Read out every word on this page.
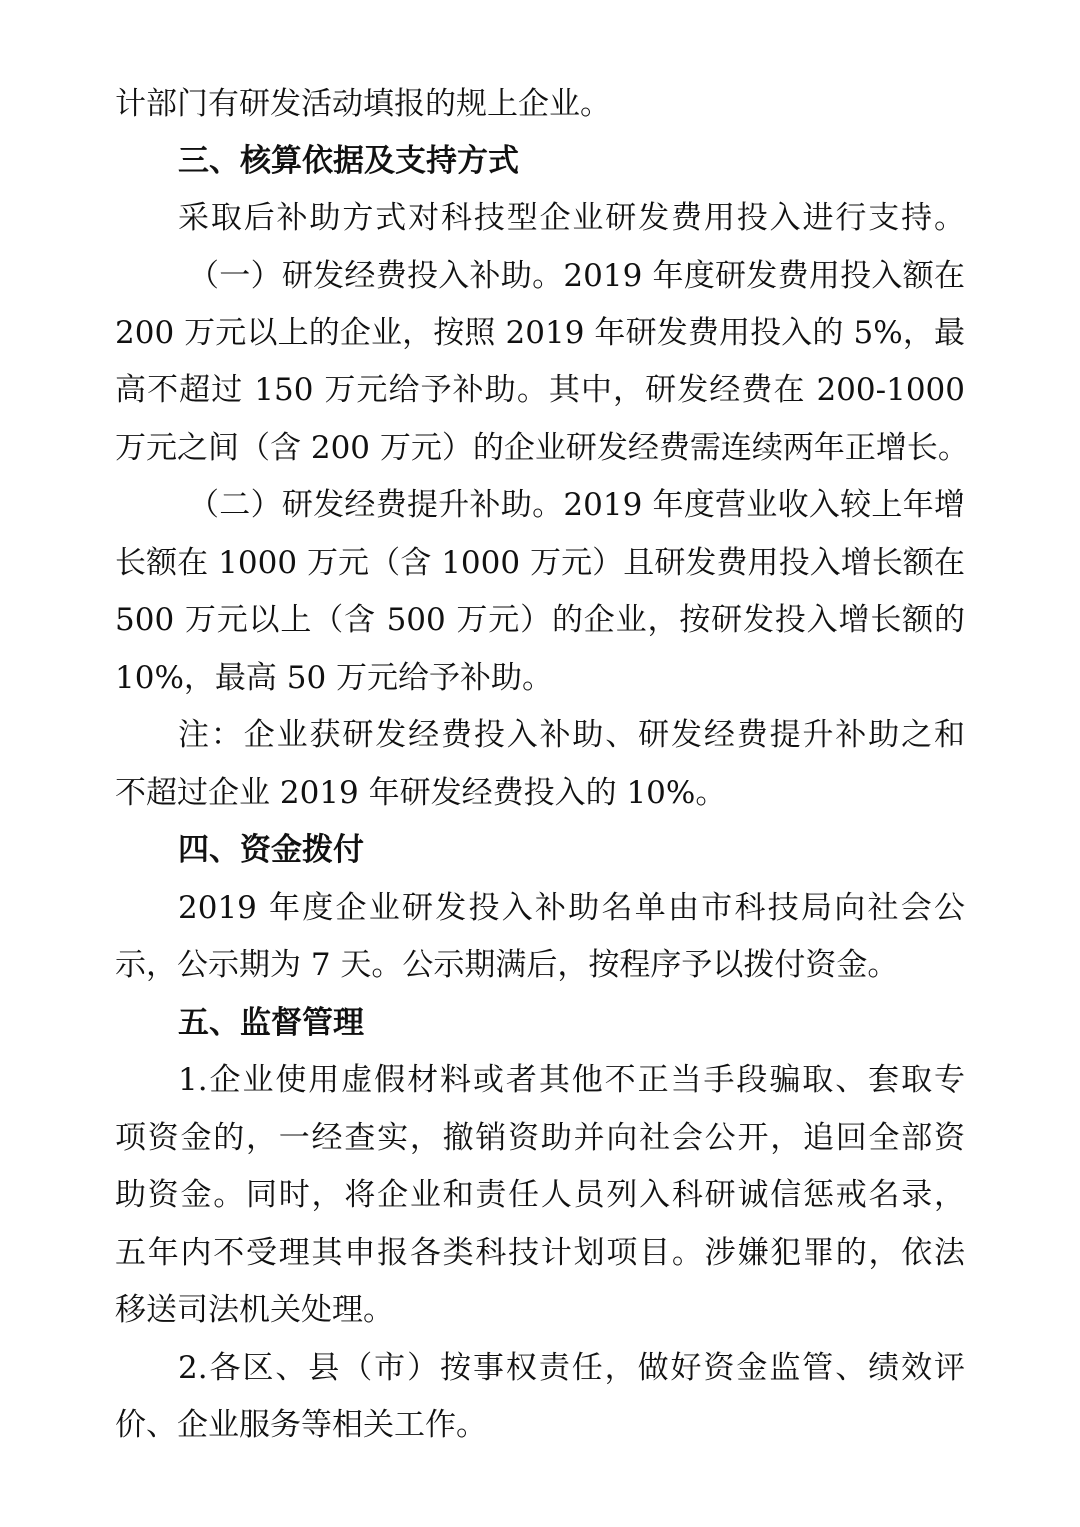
计部门有研发活动填报的规上企业。
三、核算依据及支持方式
采取后补助方式对科技型企业研发费用投入进行支持。
（一）研发经费投入补助。2019 年度研发费用投入额在
200 万元以上的企业，按照 2019 年研发费用投入的 5%，最
高不超过 150 万元给予补助。其中，研发经费在 200-1000
万元之间（含 200 万元）的企业研发经费需连续两年正增长。
（二）研发经费提升补助。2019 年度营业收入较上年增
长额在 1000 万元（含 1000 万元）且研发费用投入增长额在
500 万元以上（含 500 万元）的企业，按研发投入增长额的
10%，最高 50 万元给予补助。
注：企业获研发经费投入补助、研发经费提升补助之和
不超过企业 2019 年研发经费投入的 10%。
四、资金拨付
2019 年度企业研发投入补助名单由市科技局向社会公
示，公示期为 7 天。公示期满后，按程序予以拨付资金。
五、监督管理
1.企业使用虚假材料或者其他不正当手段骗取、套取专
项资金的，一经查实，撤销资助并向社会公开，追回全部资
助资金。同时，将企业和责任人员列入科研诚信惩戒名录，
五年内不受理其申报各类科技计划项目。涉嫌犯罪的，依法
移送司法机关处理。
2.各区、县（市）按事权责任，做好资金监管、绩效评
价、企业服务等相关工作。
